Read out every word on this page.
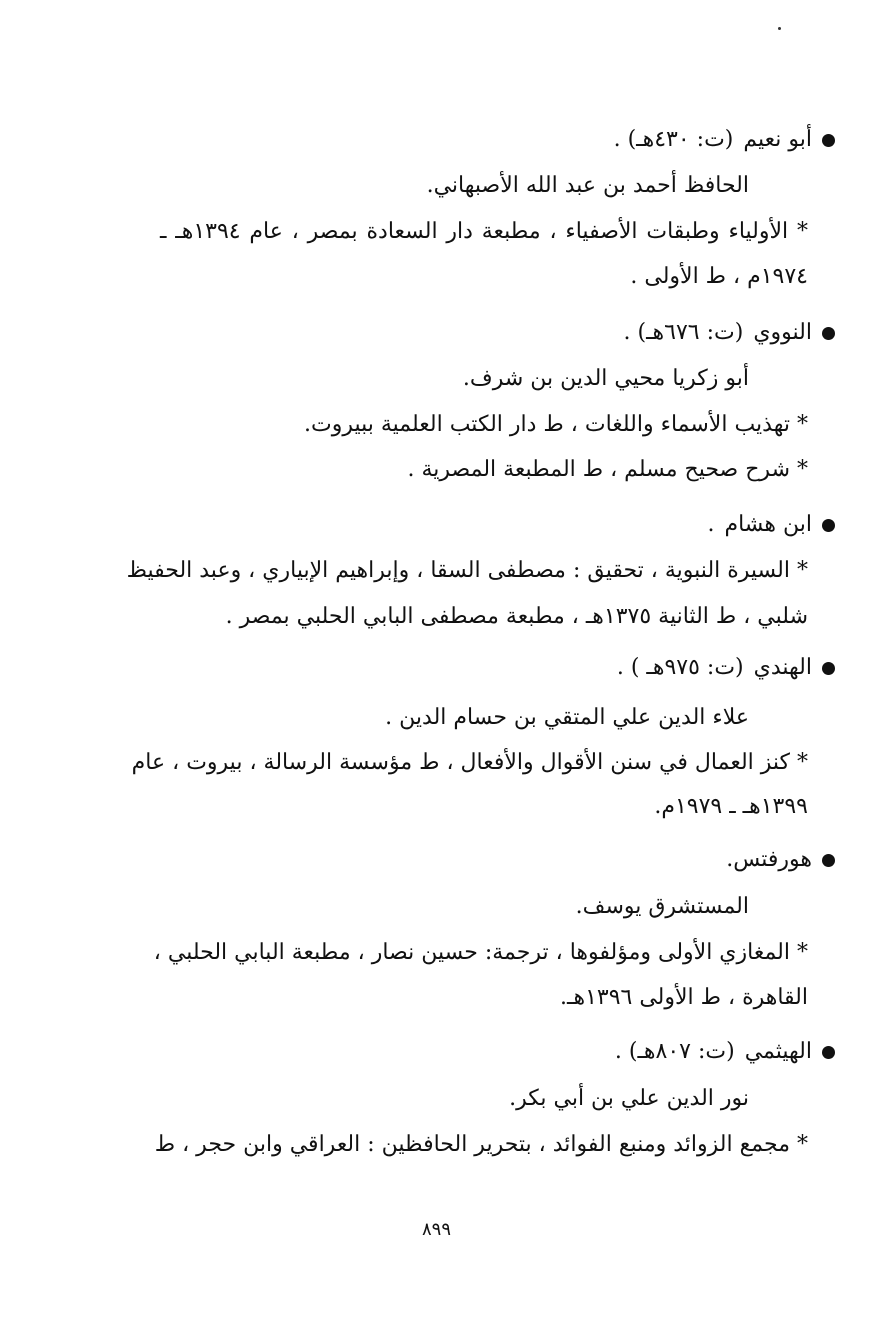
أبو نعيم
(ت: ٤٣٠هـ) .
الحافظ أحمد بن عبد الله الأصبهاني.
* الأولياء وطبقات الأصفياء ، مطبعة دار السعادة بمصر ، عام ١٣٩٤هـ ـ
١٩٧٤م ، ط الأولى .
النووي
(ت: ٦٧٦هـ) .
أبو زكريا محيي الدين بن شرف.
* تهذيب الأسماء واللغات ، ط دار الكتب العلمية ببيروت.
* شرح صحيح مسلم ، ط المطبعة المصرية .
ابن هشام
.
* السيرة النبوية ، تحقيق : مصطفى السقا ، وإبراهيم الإبياري ، وعبد الحفيظ
شلبي ، ط الثانية ١٣٧٥هـ ، مطبعة مصطفى البابي الحلبي بمصر .
الهندي
(ت: ٩٧٥هـ ) .
علاء الدين علي المتقي بن حسام الدين .
* كنز العمال في سنن الأقوال والأفعال ، ط مؤسسة الرسالة ، بيروت ، عام
١٣٩٩هـ ـ ١٩٧٩م.
هورفتس.
المستشرق يوسف.
* المغازي الأولى ومؤلفوها ، ترجمة: حسين نصار ، مطبعة البابي الحلبي ،
القاهرة ، ط الأولى ١٣٩٦هـ.
الهيثمي
(ت: ٨٠٧هـ) .
نور الدين علي بن أبي بكر.
* مجمع الزوائد ومنبع الفوائد ، بتحرير الحافظين : العراقي وابن حجر ، ط
٨٩٩
